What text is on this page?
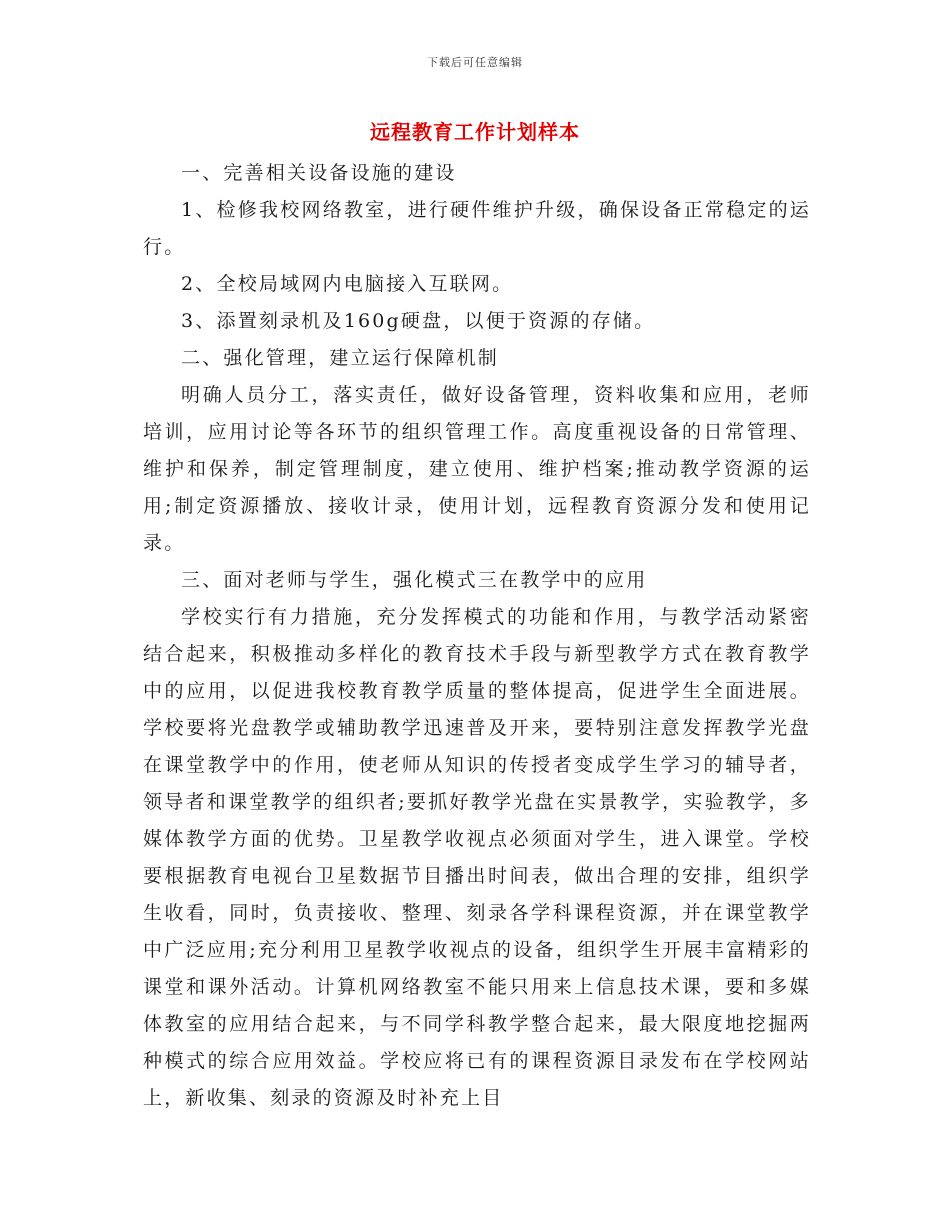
下载后可任意编辑
远程教育工作计划样本

一、完善相关设备设施的建设

1、检修我校网络教室，进行硬件维护升级，确保设备正常稳定的运行。

2、全校局域网内电脑接入互联网。

3、添置刻录机及160g硬盘，以便于资源的存储。

二、强化管理，建立运行保障机制

明确人员分工，落实责任，做好设备管理，资料收集和应用，老师培训，应用讨论等各环节的组织管理工作。高度重视设备的日常管理、维护和保养，制定管理制度，建立使用、维护档案;推动教学资源的运用;制定资源播放、接收计录，使用计划，远程教育资源分发和使用记录。

三、面对老师与学生，强化模式三在教学中的应用

学校实行有力措施，充分发挥模式的功能和作用，与教学活动紧密结合起来，积极推动多样化的教育技术手段与新型教学方式在教育教学中的应用，以促进我校教育教学质量的整体提高，促进学生全面进展。学校要将光盘教学或辅助教学迅速普及开来，要特别注意发挥教学光盘在课堂教学中的作用，使老师从知识的传授者变成学生学习的辅导者，领导者和课堂教学的组织者;要抓好教学光盘在实景教学，实验教学，多媒体教学方面的优势。卫星教学收视点必须面对学生，进入课堂。学校要根据教育电视台卫星数据节目播出时间表，做出合理的安排，组织学生收看，同时，负责接收、整理、刻录各学科课程资源，并在课堂教学中广泛应用;充分利用卫星教学收视点的设备，组织学生开展丰富精彩的课堂和课外活动。计算机网络教室不能只用来上信息技术课，要和多媒体教室的应用结合起来，与不同学科教学整合起来，最大限度地挖掘两种模式的综合应用效益。学校应将已有的课程资源目录发布在学校网站上，新收集、刻录的资源及时补充上目
